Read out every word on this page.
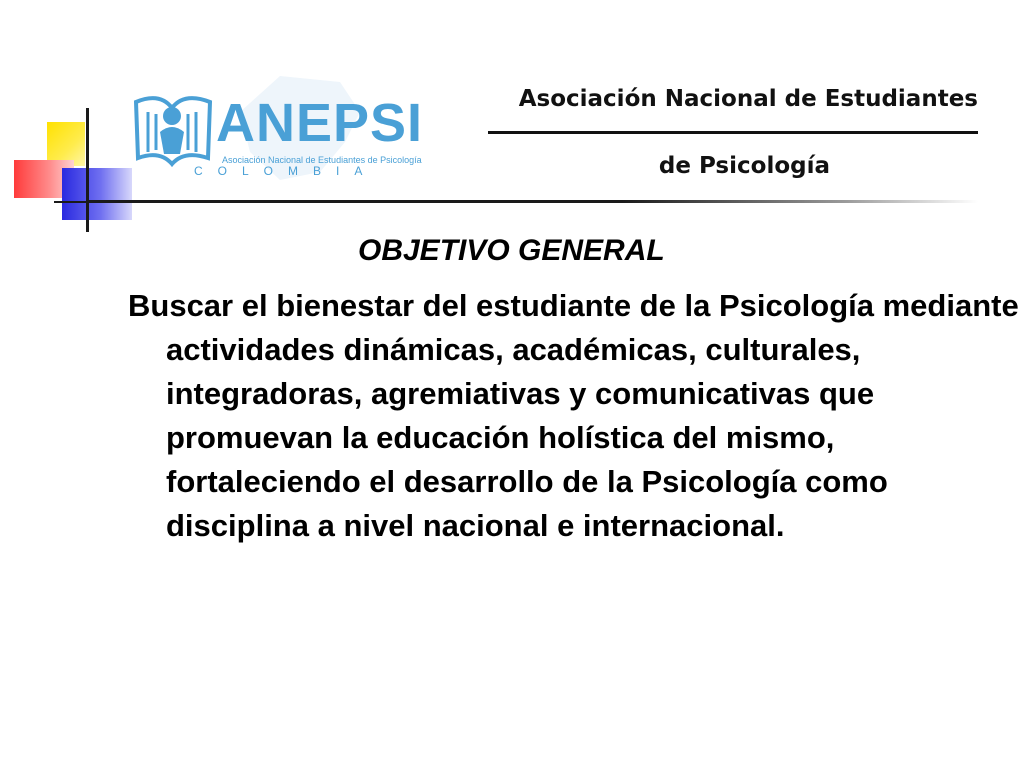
ANEPSI
Asociación Nacional de Estudiantes de Psicología
COLOMBIA
Asociación Nacional de Estudiantes
de Psicología
OBJETIVO GENERAL

Buscar el bienestar del estudiante de la Psicología mediante actividades dinámicas, académicas, culturales, integradoras, agremiativas y comunicativas que promuevan la educación holística del mismo, fortaleciendo el desarrollo de la Psicología como disciplina a nivel nacional e internacional.
